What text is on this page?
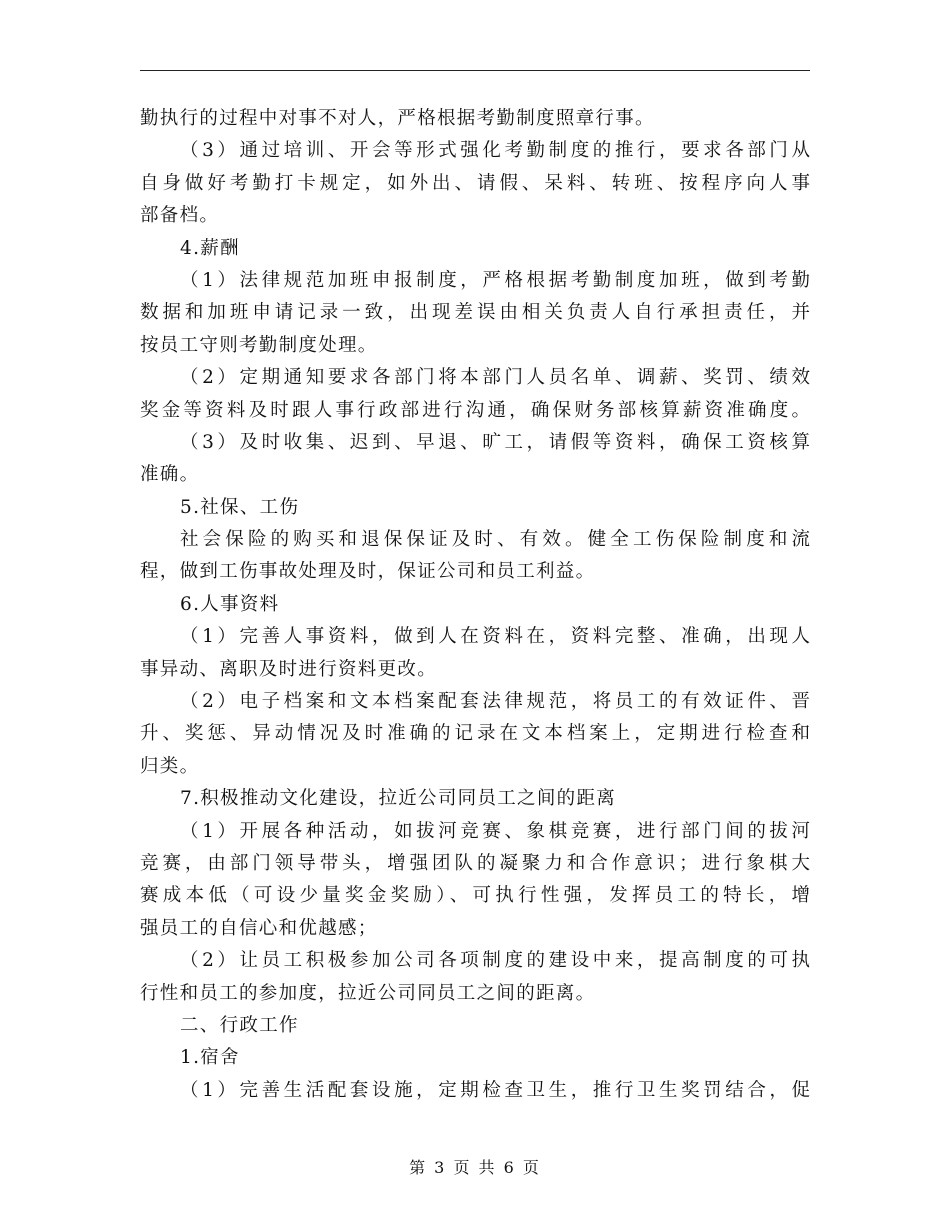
勤执行的过程中对事不对人，严格根据考勤制度照章行事。
（3）通过培训、开会等形式强化考勤制度的推行，要求各部门从
自身做好考勤打卡规定，如外出、请假、呆料、转班、按程序向人事
部备档。
4.薪酬
（1）法律规范加班申报制度，严格根据考勤制度加班，做到考勤
数据和加班申请记录一致，出现差误由相关负责人自行承担责任，并
按员工守则考勤制度处理。
（2）定期通知要求各部门将本部门人员名单、调薪、奖罚、绩效
奖金等资料及时跟人事行政部进行沟通，确保财务部核算薪资准确度。
（3）及时收集、迟到、早退、旷工，请假等资料，确保工资核算
准确。
5.社保、工伤
社会保险的购买和退保保证及时、有效。健全工伤保险制度和流
程，做到工伤事故处理及时，保证公司和员工利益。
6.人事资料
（1）完善人事资料，做到人在资料在，资料完整、准确，出现人
事异动、离职及时进行资料更改。
（2）电子档案和文本档案配套法律规范，将员工的有效证件、晋
升、奖惩、异动情况及时准确的记录在文本档案上，定期进行检查和
归类。
7.积极推动文化建设，拉近公司同员工之间的距离
（1）开展各种活动，如拔河竞赛、象棋竞赛，进行部门间的拔河
竞赛，由部门领导带头，增强团队的凝聚力和合作意识；进行象棋大
赛成本低（可设少量奖金奖励）、可执行性强，发挥员工的特长，增
强员工的自信心和优越感；
（2）让员工积极参加公司各项制度的建设中来，提高制度的可执
行性和员工的参加度，拉近公司同员工之间的距离。
二、行政工作
1.宿舍
（1）完善生活配套设施，定期检查卫生，推行卫生奖罚结合，促
第 3 页 共 6 页
